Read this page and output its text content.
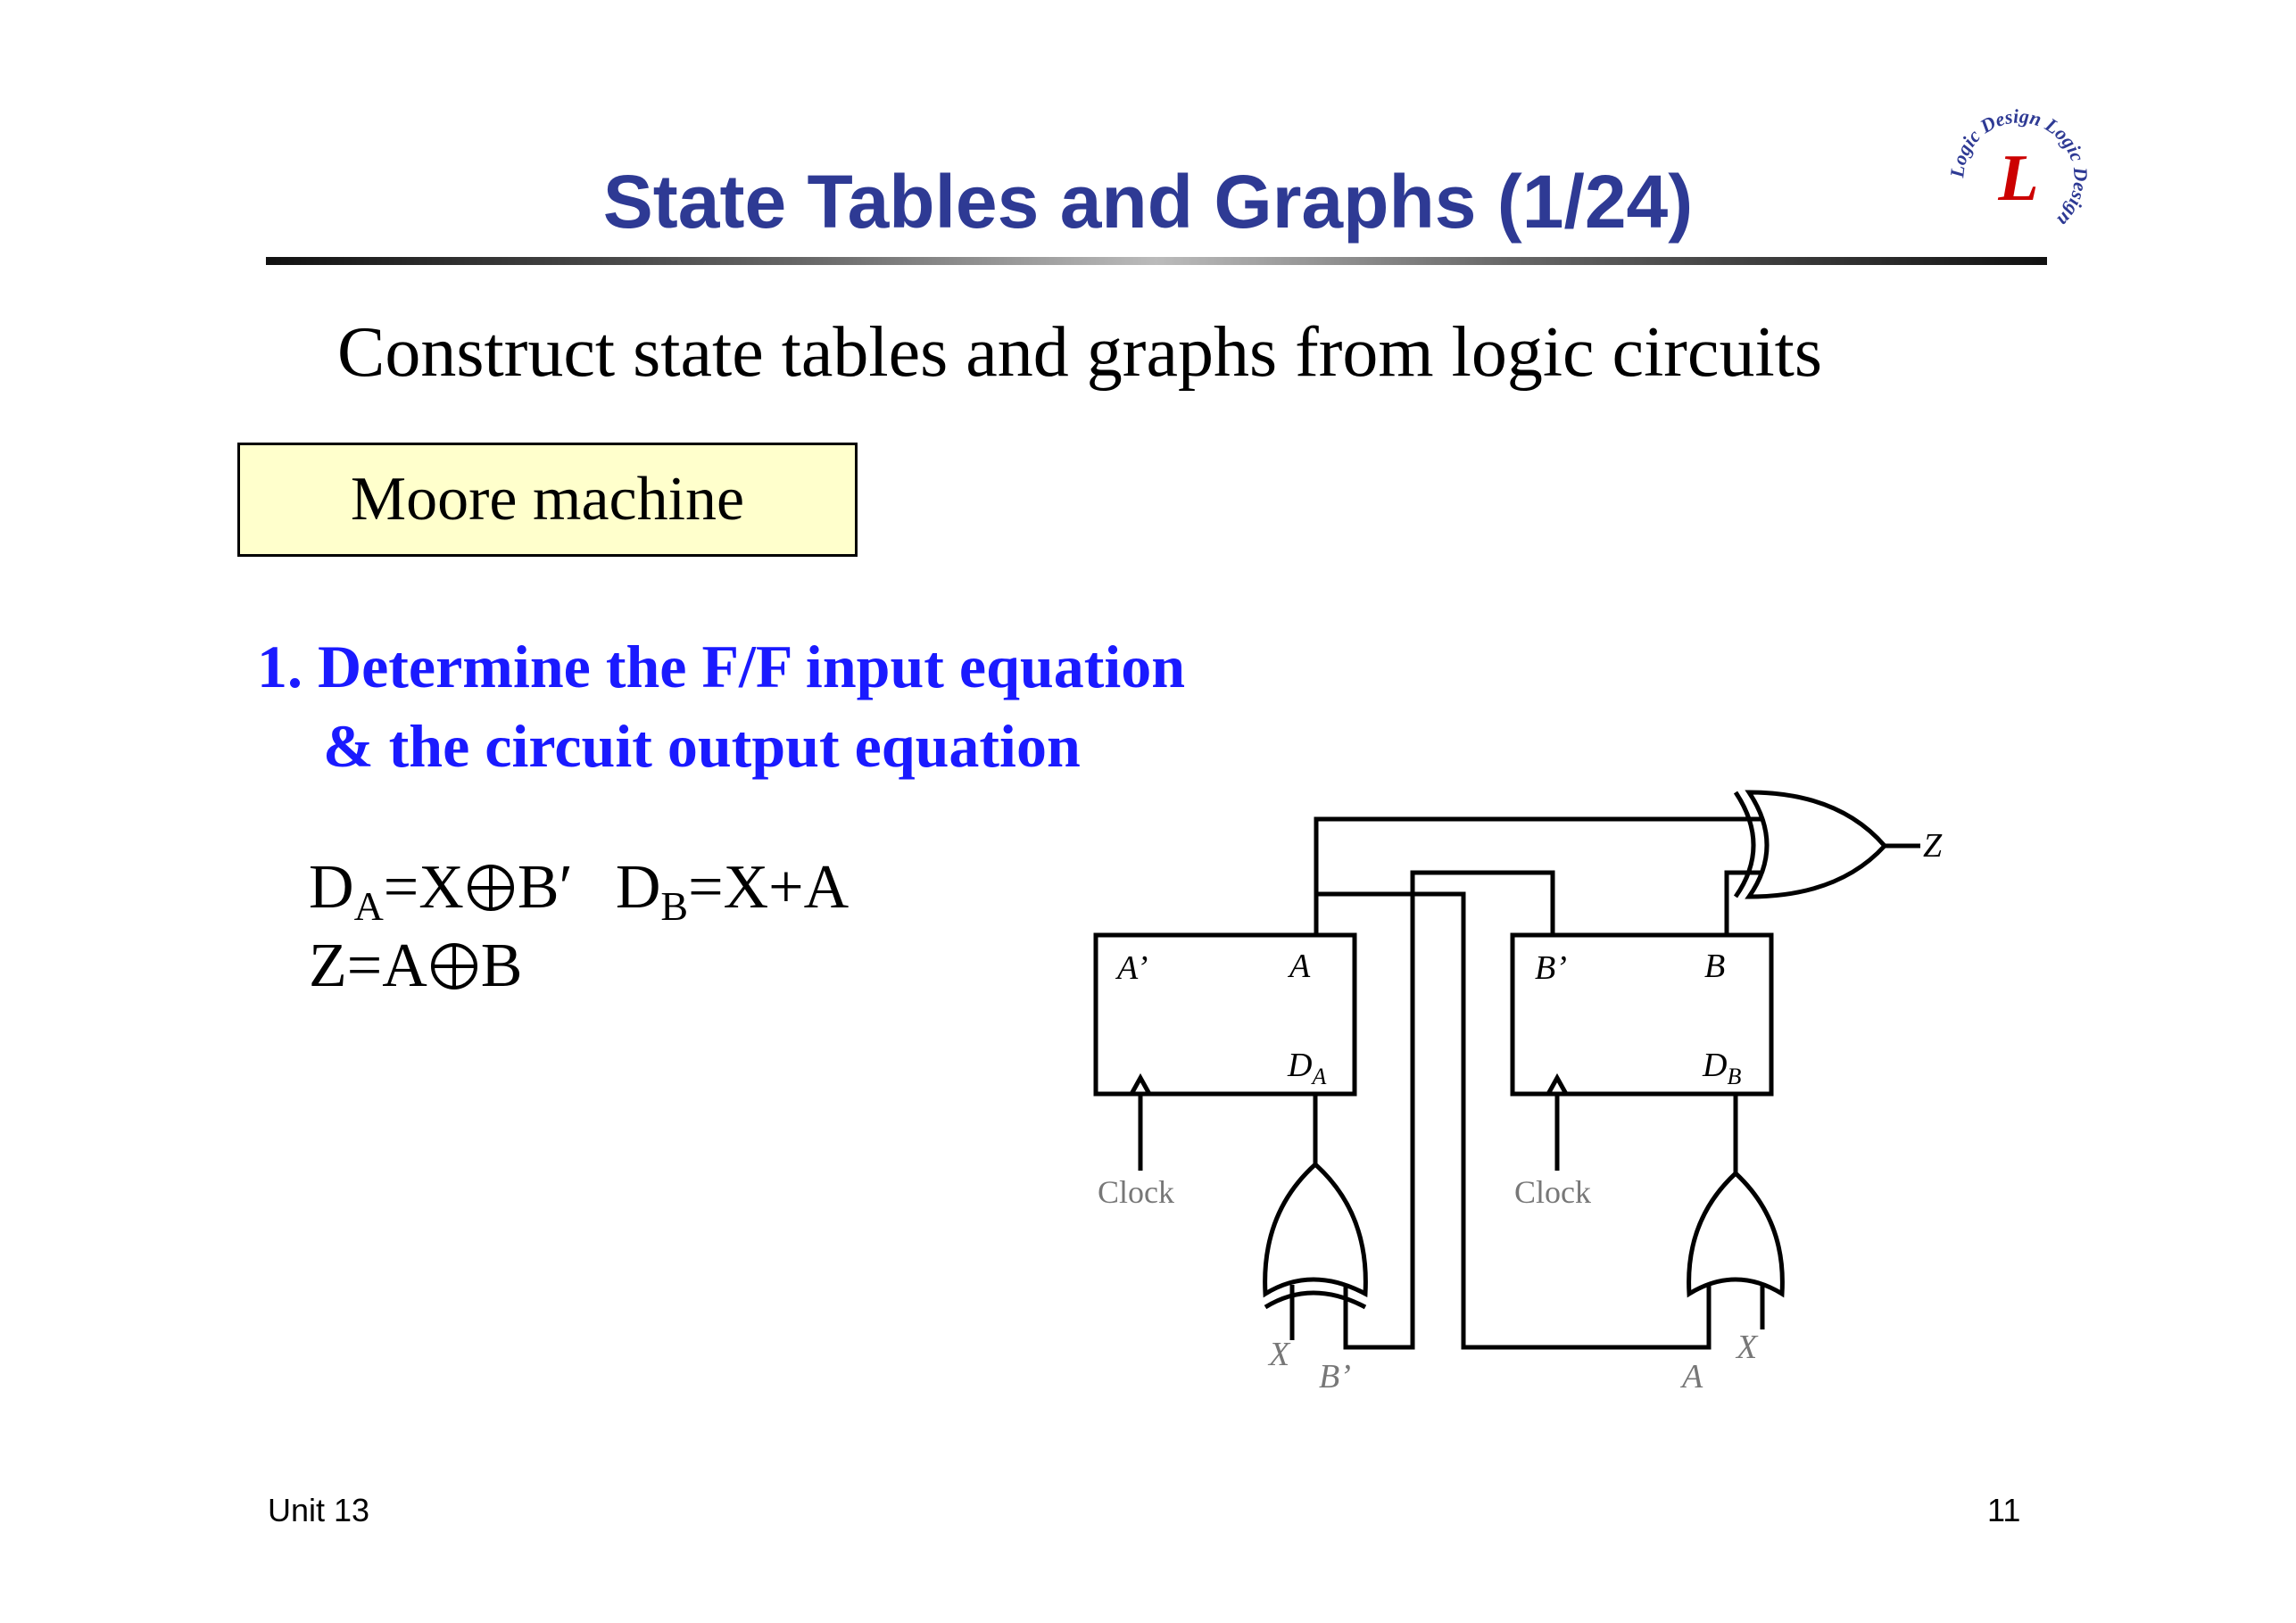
Logic Design Logic Design
L
State Tables and Graphs (1/24)
Construct state tables and graphs from logic circuits
Moore machine
1. Determine the F/F input equation
& the circuit output equation
$D_A=X$ B′ $D_B=X+A$
Z=A B	A’	A
$D_A$
B’	B
$D_B$
Z
Clock	Clock
X
B’	A
X
Unit 13	11
